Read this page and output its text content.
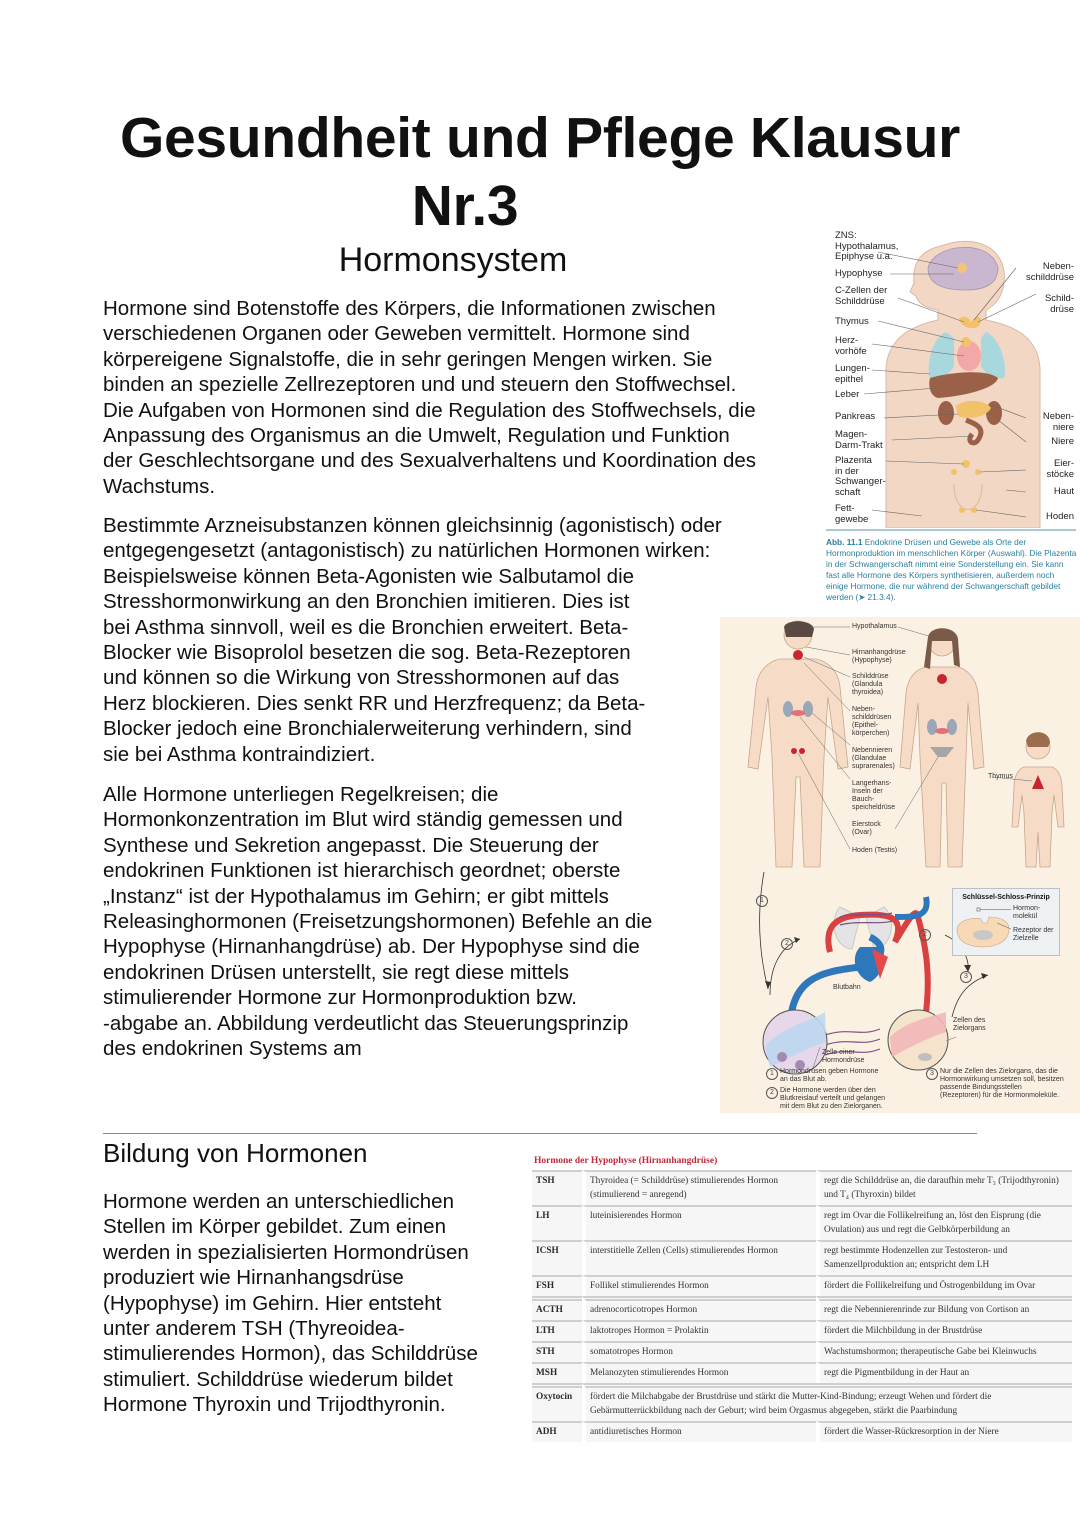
Gesundheit und Pflege Klausur
Nr.3
Hormonsystem
Hormone sind Botenstoffe des Körpers, die Informationen zwischen
verschiedenen Organen oder Geweben vermittelt. Hormone sind
körpereigene Signalstoffe, die in sehr geringen Mengen wirken. Sie
binden an spezielle Zellrezeptoren und und steuern den Stoffwechsel.
Die Aufgaben von Hormonen sind die Regulation des Stoffwechsels, die
Anpassung des Organismus an die Umwelt, Regulation und Funktion
der Geschlechtsorgane und des Sexualverhaltens und Koordination des
Wachstums.
Bestimmte Arzneisubstanzen können gleichsinnig (agonistisch) oder
entgegengesetzt (antagonistisch) zu natürlichen Hormonen wirken:
Beispielsweise können Beta-Agonisten wie Salbutamol die
Stresshormonwirkung an den Bronchien imitieren. Dies ist
bei Asthma sinnvoll, weil es die Bronchien erweitert. Beta-
Blocker wie Bisoprolol besetzen die sog. Beta-Rezeptoren
und können so die Wirkung von Stresshormonen auf das
Herz blockieren. Dies senkt RR und Herzfrequenz; da Beta-
Blocker jedoch eine Bronchialerweiterung verhindern, sind
sie bei Asthma kontraindiziert.
Alle Hormone unterliegen Regelkreisen; die
Hormonkonzentration im Blut wird ständig gemessen und
Synthese und Sekretion angepasst. Die Steuerung der
endokrinen Funktionen ist hierarchisch geordnet; oberste
„Instanz“ ist der Hypothalamus im Gehirn; er gibt mittels
Releasinghormonen (Freisetzungshormonen) Befehle an die
Hypophyse (Hirnanhangdrüse) ab. Der Hypophyse sind die
endokrinen Drüsen unterstellt, sie regt diese mittels
stimulierender Hormone zur Hormonproduktion bzw.
-abgabe an. Abbildung verdeutlicht das Steuerungsprinzip
des endokrinen Systems am
ZNS:
Hypothalamus,
Epiphyse u.a.
Hypophyse
C-Zellen der
Schilddrüse
Thymus
Herz-
vorhöfe
Lungen-
epithel
Leber
Pankreas
Magen-
Darm-Trakt
Plazenta
in der
Schwanger-
schaft
Fett-
gewebe
Neben-
schilddrüse
Schild-
drüse
Neben-
niere
Niere
Eier-
stöcke
Haut
Hoden
Abb. 11.1 Endokrine Drüsen und Gewebe als Orte der Hormonproduktion im menschlichen Körper (Auswahl). Die Plazenta in der Schwangerschaft nimmt eine Sonderstellung ein. Sie kann fast alle Hormone des Körpers synthetisieren, außerdem noch einige Hormone, die nur während der Schwangerschaft gebildet werden (➤ 21.3.4).
Hypothalamus
Hirnanhangdrüse (Hypophyse)
Schilddrüse (Glandula thyroidea)
Neben-schilddrüsen (Epithel-körperchen)
Nebennieren (Glandulae suprarenales)
Langerhans-Inseln der Bauch-speicheldrüse
Eierstock (Ovar)
Hoden (Testis)
Thymus
Blutbahn
Zelle einer Hormondrüse
Zellen des Zielorgans
1
2
2
3
Schlüssel-Schloss-Prinzip
Hormon-molekül
Rezeptor der Zielzelle
1 Hormondrüsen geben Hormone an das Blut ab.
2 Die Hormone werden über den Blutkreislauf verteilt und gelangen mit dem Blut zu den Zielorganen.
3 Nur die Zellen des Zielorgans, das die Hormonwirkung umsetzen soll, besitzen passende Bindungsstellen (Rezeptoren) für die Hormonmoleküle.
Bildung von Hormonen
Hormone werden an unterschiedlichen
Stellen im Körper gebildet. Zum einen
werden in spezialisierten Hormondrüsen
produziert wie Hirnanhangsdrüse
(Hypophyse) im Gehirn. Hier entsteht
unter anderem TSH (Thyreoidea-
stimulierendes Hormon), das Schilddrüse
stimuliert. Schilddrüse wiederum bildet
Hormone Thyroxin und Trijodthyronin.
Hormone der Hypophyse (Hirnanhangdrüse)
TSH	Thyroidea (= Schilddrüse) stimulierendes Hormon (stimulierend = anregend)	regt die Schilddrüse an, die daraufhin mehr T₃ (Trijodthyronin) und T₄ (Thyroxin) bildet
LH	luteinisierendes Hormon	regt im Ovar die Follikelreifung an, löst den Eisprung (die Ovulation) aus und regt die Gelbkörperbildung an
ICSH	interstitielle Zellen (Cells) stimulierendes Hormon	regt bestimmte Hodenzellen zur Testosteron- und Samenzellproduktion an; entspricht dem LH
FSH	Follikel stimulierendes Hormon	fördert die Follikelreifung und Östrogenbildung im Ovar
ACTH	adrenocorticotropes Hormon	regt die Nebennierenrinde zur Bildung von Cortison an
LTH	laktotropes Hormon = Prolaktin	fördert die Milchbildung in der Brustdrüse
STH	somatotropes Hormon	Wachstumshormon; therapeutische Gabe bei Kleinwuchs
MSH	Melanozyten stimulierendes Hormon	regt die Pigmentbildung in der Haut an
Oxytocin	fördert die Milchabgabe der Brustdrüse und stärkt die Mutter-Kind-Bindung; erzeugt Wehen und fördert die Gebärmutterrückbildung nach der Geburt; wird beim Orgasmus abgegeben, stärkt die Paarbindung	
ADH	antidiuretisches Hormon	fördert die Wasser-Rückresorption in der Niere
